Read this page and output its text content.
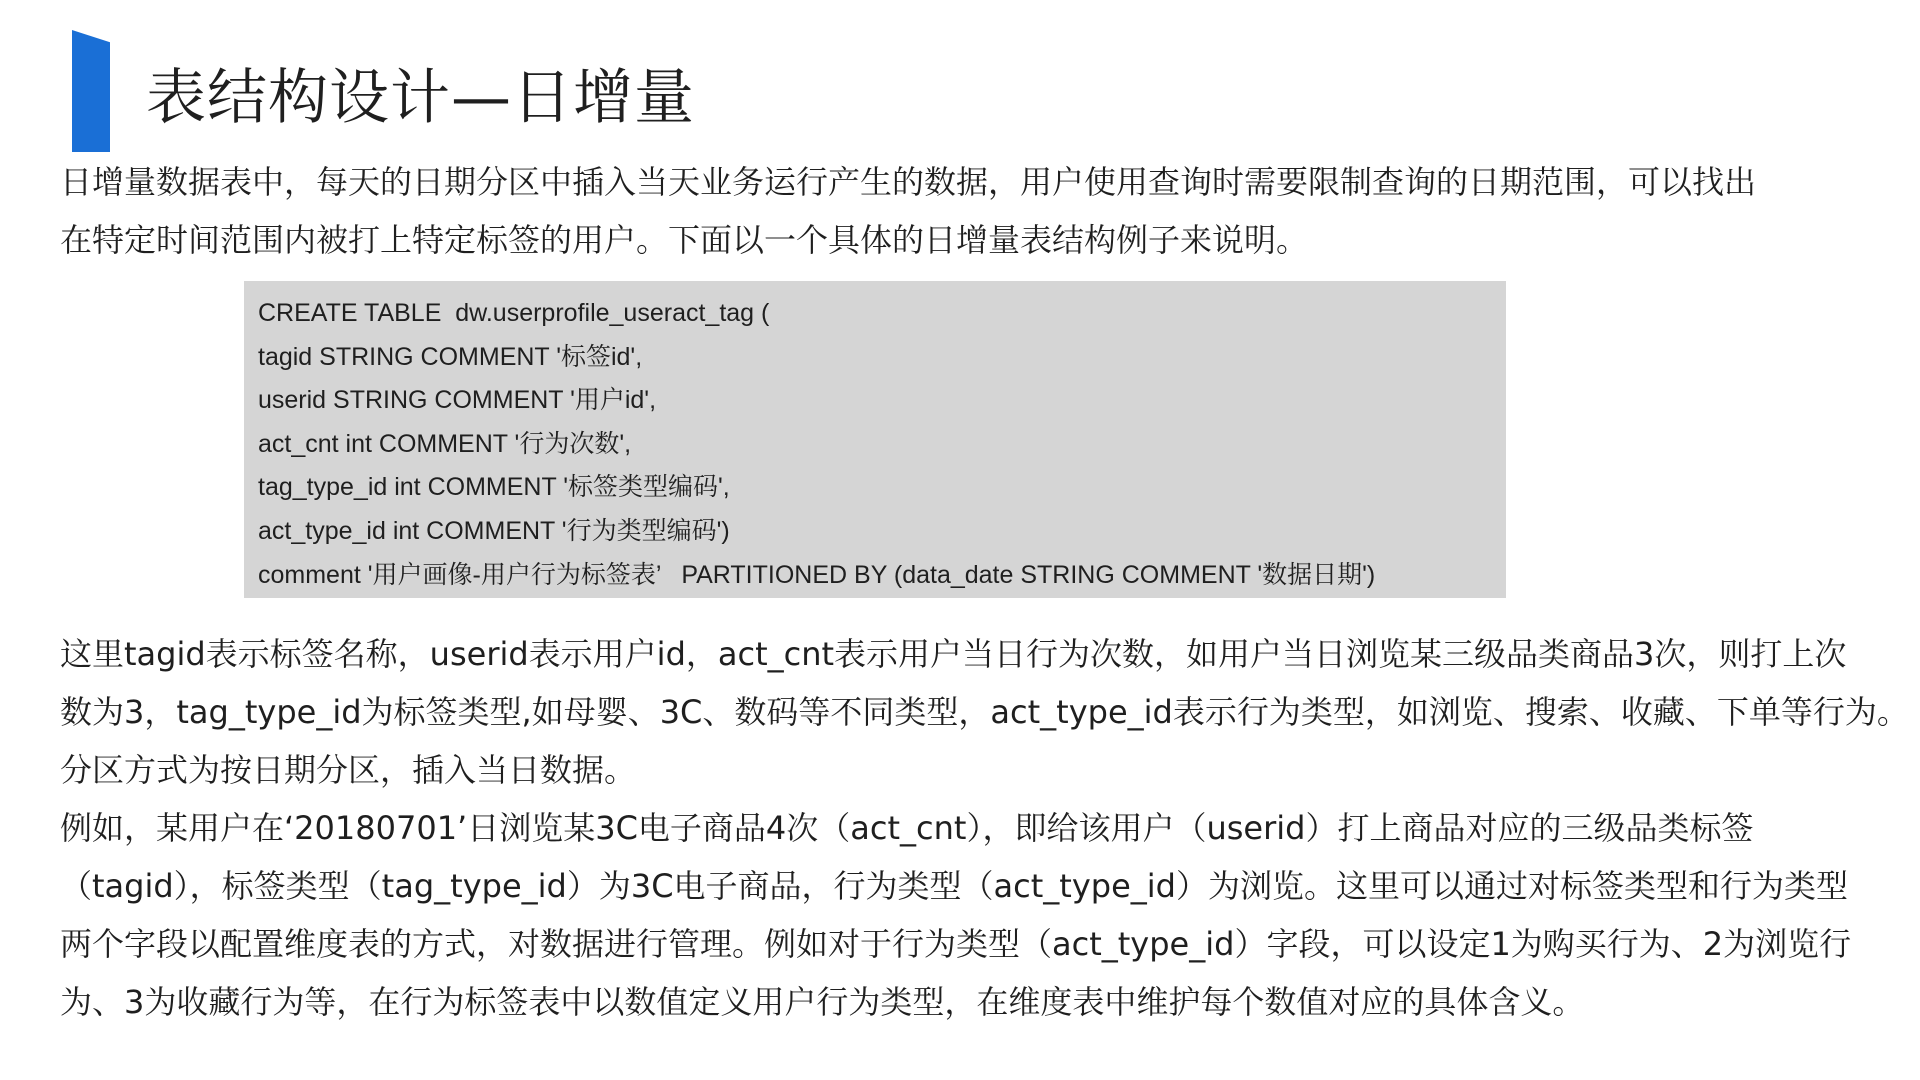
表结构设计—日增量
日增量数据表中，每天的日期分区中插入当天业务运行产生的数据，用户使用查询时需要限制查询的日期范围，可以找出
在特定时间范围内被打上特定标签的用户。下面以一个具体的日增量表结构例子来说明。
CREATE TABLE  dw.userprofile_useract_tag (
tagid STRING COMMENT '标签id',
userid STRING COMMENT '用户id',
act_cnt int COMMENT '行为次数',
tag_type_id int COMMENT '标签类型编码',
act_type_id int COMMENT '行为类型编码')
comment '用户画像-用户行为标签表’   PARTITIONED BY (data_date STRING COMMENT '数据日期')
这里tagid表示标签名称，userid表示用户id，act_cnt表示用户当日行为次数，如用户当日浏览某三级品类商品3次，则打上次
数为3，tag_type_id为标签类型,如母婴、3C、数码等不同类型，act_type_id表示行为类型，如浏览、搜索、收藏、下单等行为。
分区方式为按日期分区，插入当日数据。
例如，某用户在‘20180701’日浏览某3C电子商品4次（act_cnt），即给该用户（userid）打上商品对应的三级品类标签
（tagid），标签类型（tag_type_id）为3C电子商品，行为类型（act_type_id）为浏览。这里可以通过对标签类型和行为类型
两个字段以配置维度表的方式，对数据进行管理。例如对于行为类型（act_type_id）字段，可以设定1为购买行为、2为浏览行
为、3为收藏行为等，在行为标签表中以数值定义用户行为类型，在维度表中维护每个数值对应的具体含义。
